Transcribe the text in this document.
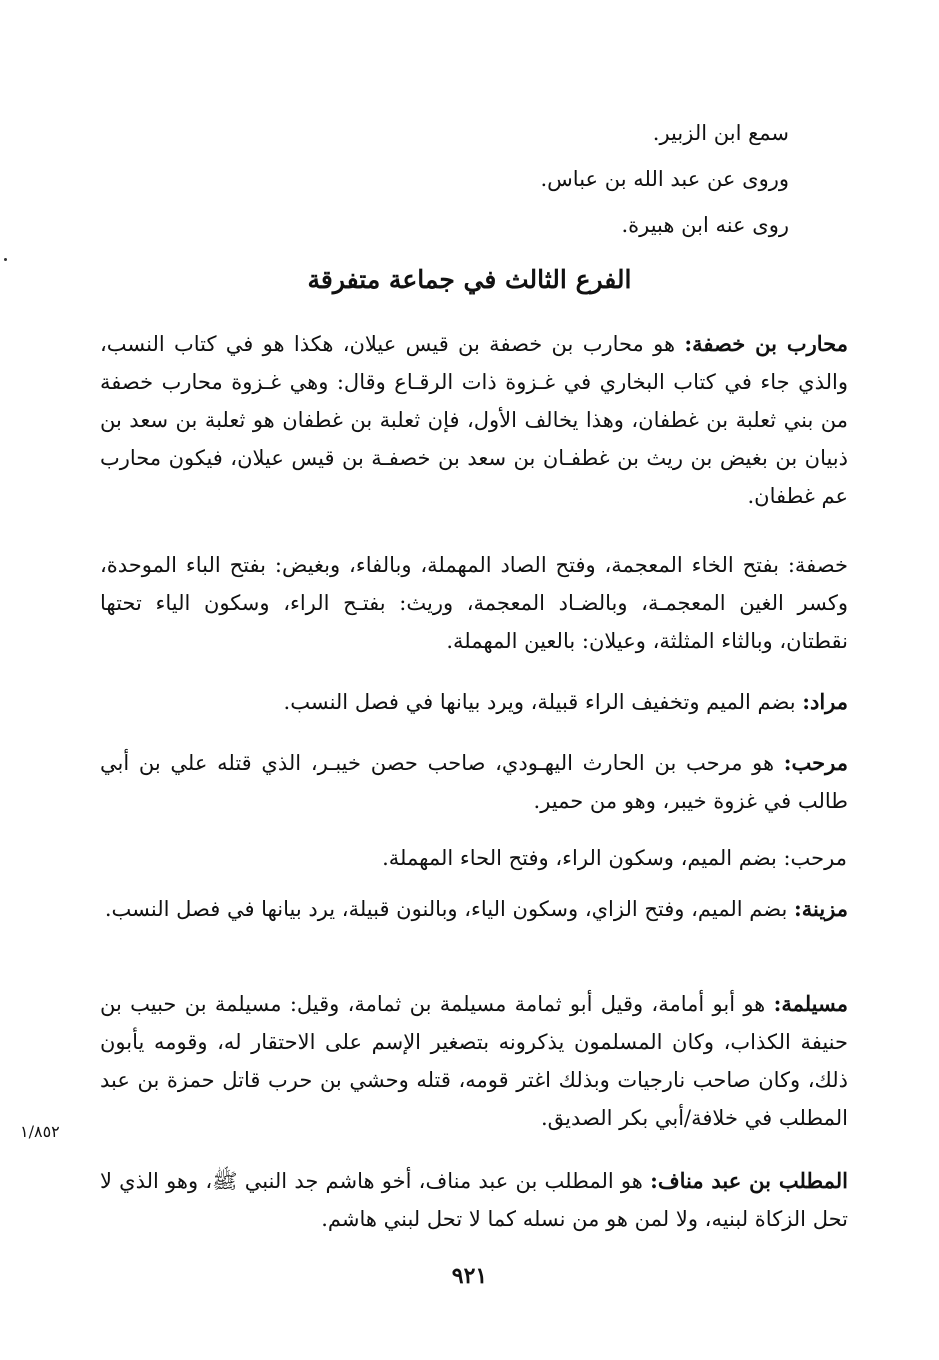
سمع ابن الزبير.
وروى عن عبد الله بن عباس.
روى عنه ابن هبيرة.
الفرع الثالث في جماعة متفرقة

محارب بن خصفة: هو محارب بن خصفة بن قيس عيلان، هكذا هو في كتاب النسب، والذي جاء في كتاب البخاري في غـزوة ذات الرقـاع وقال: وهي غـزوة محارب خصفة من بني ثعلبة بن غطفان، وهذا يخالف الأول، فإن ثعلبة بن غطفان هو ثعلبة بن سعد بن ذبيان بن بغيض بن ريث بن غطفـان بن سعد بن خصفـة بن قيس عيلان، فيكون محارب عم غطفان.

خصفة: بفتح الخاء المعجمة، وفتح الصاد المهملة، وبالفاء، وبغيض: بفتح الباء الموحدة، وكسر الغين المعجمـة، وبالضـاد المعجمة، وريث: بفتـح الراء، وسكون الياء تحتها نقطتان، وبالثاء المثلثة، وعيلان: بالعين المهملة.

مراد: بضم الميم وتخفيف الراء قبيلة، ويرد بيانها في فصل النسب.

مرحب: هو مرحب بن الحارث اليهـودي، صاحب حصن خيبـر، الذي قتله علي بن أبي طالب في غزوة خيبر، وهو من حمير.

مرحب: بضم الميم، وسكون الراء، وفتح الحاء المهملة.

مزينة: بضم الميم، وفتح الزاي، وسكون الياء، وبالنون قبيلة، يرد بيانها في فصل النسب.

مسيلمة: هو أبو أمامة، وقيل أبو ثمامة مسيلمة بن ثمامة، وقيل: مسيلمة بن حبيب بن حنيفة الكذاب، وكان المسلمون يذكرونه بتصغير الإسم على الاحتقار له، وقومه يأبون ذلك، وكان صاحب نارجيات وبذلك اغتر قومه، قتله وحشي بن حرب قاتل حمزة بن عبد المطلب في خلافة/أبي بكر الصديق.

المطلب بن عبد مناف: هو المطلب بن عبد مناف، أخو هاشم جد النبي ﷺ، وهو الذي لا تحل الزكاة لبنيه، ولا لمن هو من نسله كما لا تحل لبني هاشم.

١/٨٥٢
٩٢١
